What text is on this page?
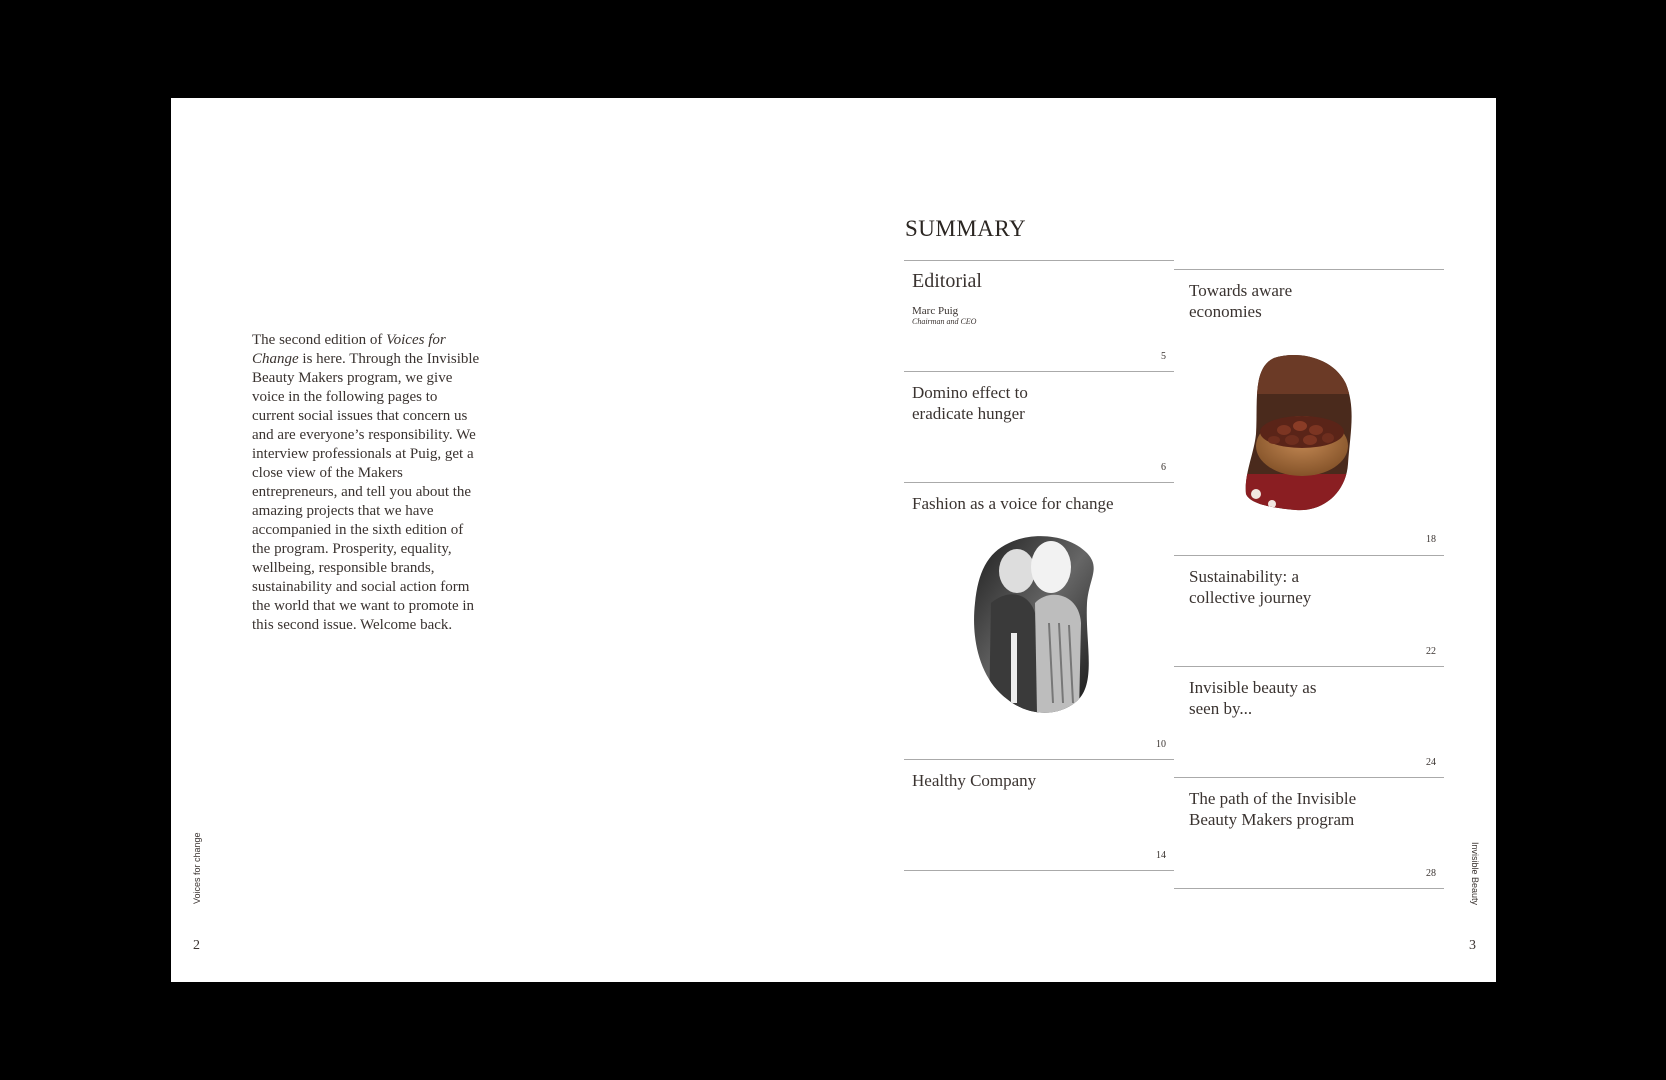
The second edition of Voices for Change is here. Through the Invisible Beauty Makers program, we give voice in the following pages to current social issues that concern us and are everyone’s responsibility. We interview professionals at Puig, get a close view of the Makers entrepreneurs, and tell you about the amazing projects that we have accompanied in the sixth edition of the program. Prosperity, equality, wellbeing, responsible brands, sustainability and social action form the world that we want to promote in this second issue. Welcome back.
Voices for change
2
Invisible Beauty
3
SUMMARY
Editorial
Marc Puig
Chairman and CEO
5
Domino effect to eradicate hunger
6
Fashion as a voice for change
10
Healthy Company
14
Towards aware economies
18
Sustainability: a collective journey
22
Invisible beauty as seen by...
24
The path of the Invisible Beauty Makers program
28
